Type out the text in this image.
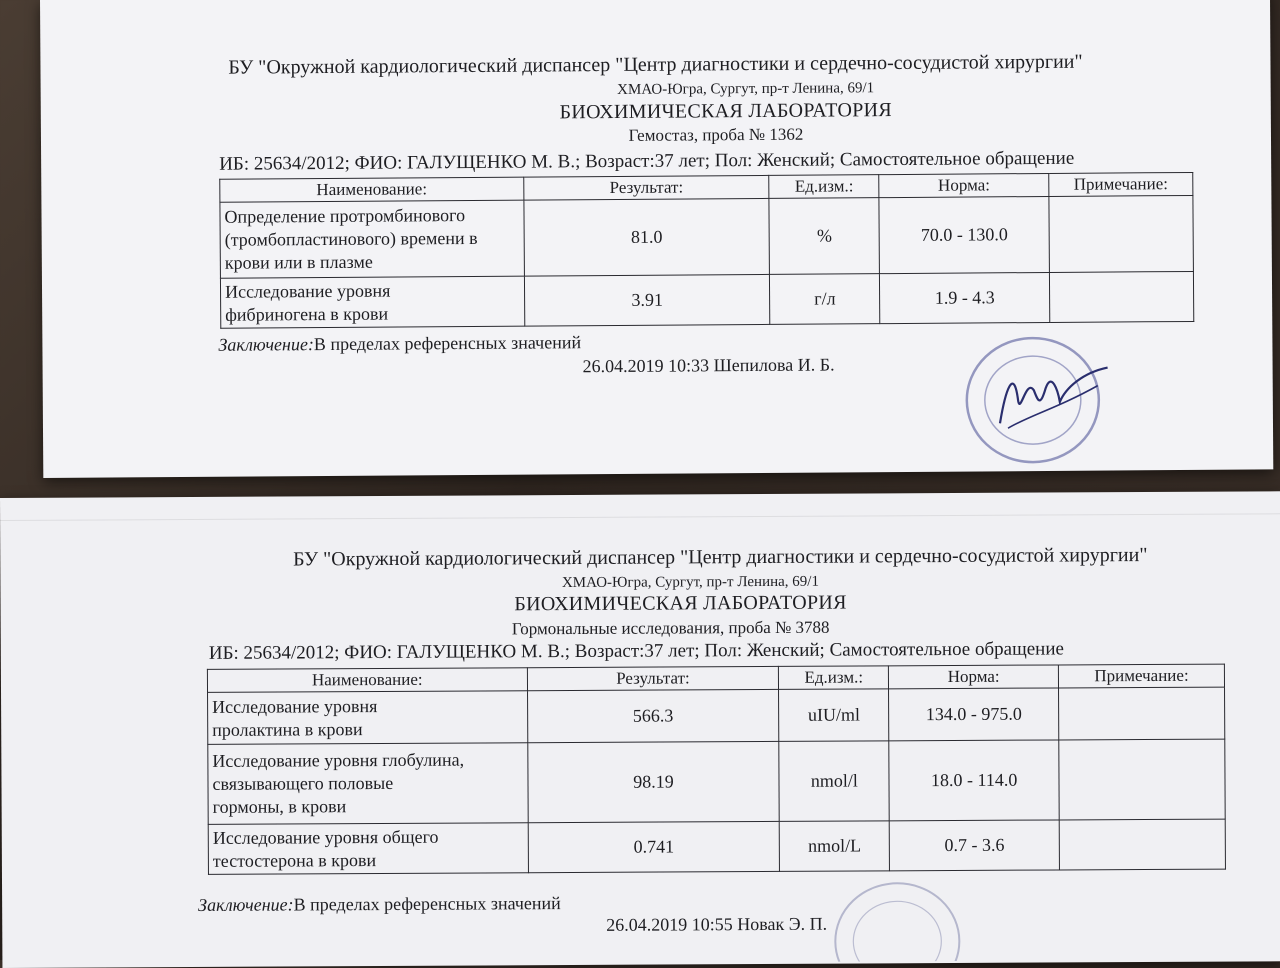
БУ "Окружной кардиологический диспансер "Центр диагностики и сердечно-сосудистой хирургии"
ХМАО-Югра, Сургут, пр-т Ленина, 69/1
БИОХИМИЧЕСКАЯ ЛАБОРАТОРИЯ
Гемостаз, проба № 1362
ИБ: 25634/2012; ФИО: ГАЛУЩЕНКО М. В.; Возраст:37 лет; Пол: Женский; Самостоятельное обращение
Наименование:	Результат:	Ед.изм.:	Норма:	Примечание:

Определение протромбинового
(тромбопластинового) времени в
крови или в плазме	81.0	%	70.0 - 130.0	

Исследование уровня
фибриногена в крови	3.91	г/л	1.9 - 4.3	
Заключение:В пределах референсных значений
26.04.2019 10:33 Шепилова И. Б.
БУ "Окружной кардиологический диспансер "Центр диагностики и сердечно-сосудистой хирургии"
ХМАО-Югра, Сургут, пр-т Ленина, 69/1
БИОХИМИЧЕСКАЯ ЛАБОРАТОРИЯ
Гормональные исследования, проба № 3788
ИБ: 25634/2012; ФИО: ГАЛУЩЕНКО М. В.; Возраст:37 лет; Пол: Женский; Самостоятельное обращение
Наименование:	Результат:	Ед.изм.:	Норма:	Примечание:

Исследование уровня
пролактина в крови	566.3	uIU/ml	134.0 - 975.0	

Исследование уровня глобулина,
связывающего половые
гормоны, в крови	98.19	nmol/l	18.0 - 114.0	

Исследование уровня общего
тестостерона в крови	0.741	nmol/L	0.7 - 3.6	
Заключение:В пределах референсных значений
26.04.2019 10:55 Новак Э. П.
